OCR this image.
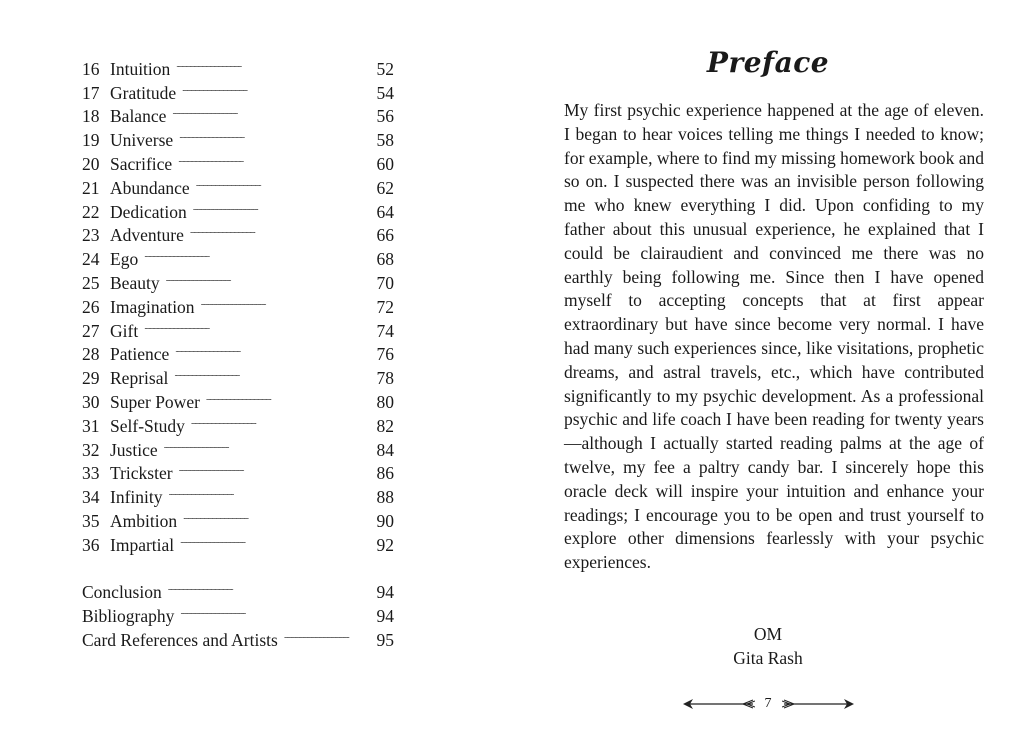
16 Intuition . . .	52
17 Gratitude . . .	54
18 Balance . . .	56
19 Universe . . .	58
20 Sacrifice . . .	60
21 Abundance . . .	62
22 Dedication . . .	64
23 Adventure . . .	66
24 Ego . . .	68
25 Beauty . . .	70
26 Imagination . . .	72
27 Gift . . .	74
28 Patience . . .	76
29 Reprisal . . .	78
30 Super Power . . .	80
31 Self-Study . . .	82
32 Justice . . .	84
33 Trickster . . .	86
34 Infinity . . .	88
35 Ambition . . .	90
36 Impartial . . .	92
Conclusion . . .	94
Bibliography . . .	94
Card References and Artists . . .	95
Preface

My first psychic experience happened at the age of eleven. I began to hear voices telling me things I needed to know; for example, where to find my missing homework book and so on. I suspected there was an invisible person following me who knew everything I did. Upon confiding to my father about this unusual experience, he explained that I could be clairaudient and convinced me there was no earthly being following me. Since then I have opened myself to accepting concepts that at first appear extraordinary but have since become very normal. I have had many such experiences since, like visitations, prophetic dreams, and astral travels, etc., which have contributed significantly to my psychic development. As a professional psychic and life coach I have been reading for twenty years—although I actually started reading palms at the age of twelve, my fee a paltry candy bar. I sincerely hope this oracle deck will inspire your intuition and enhance your readings; I encourage you to be open and trust yourself to explore other dimensions fearlessly with your psychic experiences.

OM
Gita Rash
7
